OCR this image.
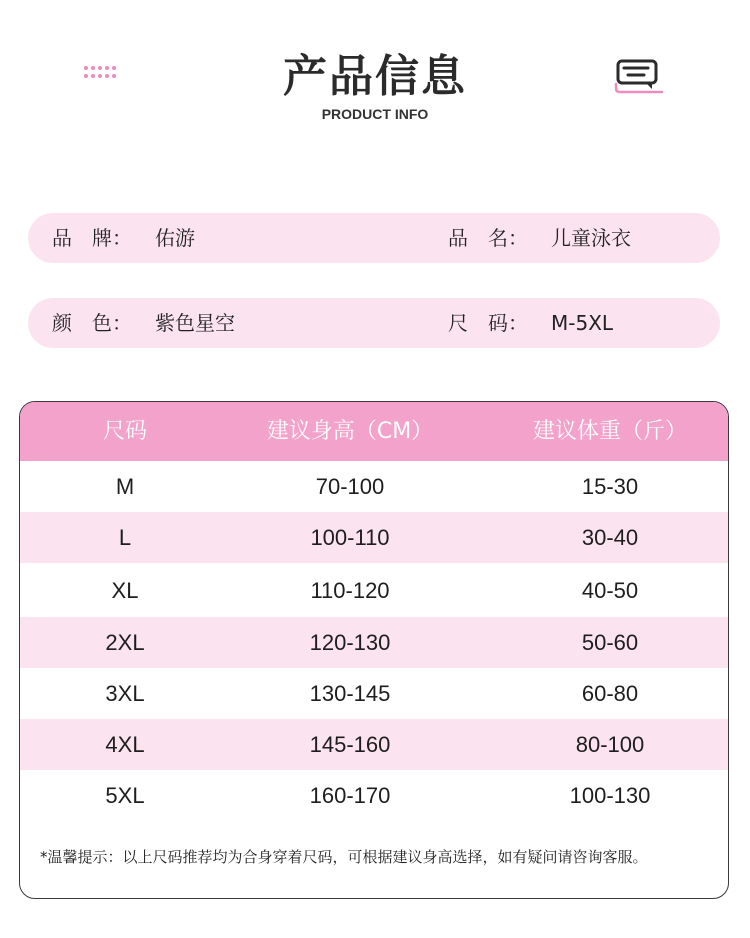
产品信息
PRODUCT INFO
品　牌： 佑游	品　名： 儿童泳衣
颜　色： 紫色星空	尺　码： M-5XL
尺码	建议身高（CM）	建议体重（斤）
M	70-100	15-30
L	100-110	30-40
XL	110-120	40-50
2XL	120-130	50-60
3XL	130-145	60-80
4XL	145-160	80-100
5XL	160-170	100-130
*温馨提示：以上尺码推荐均为合身穿着尺码，可根据建议身高选择，如有疑问请咨询客服。
